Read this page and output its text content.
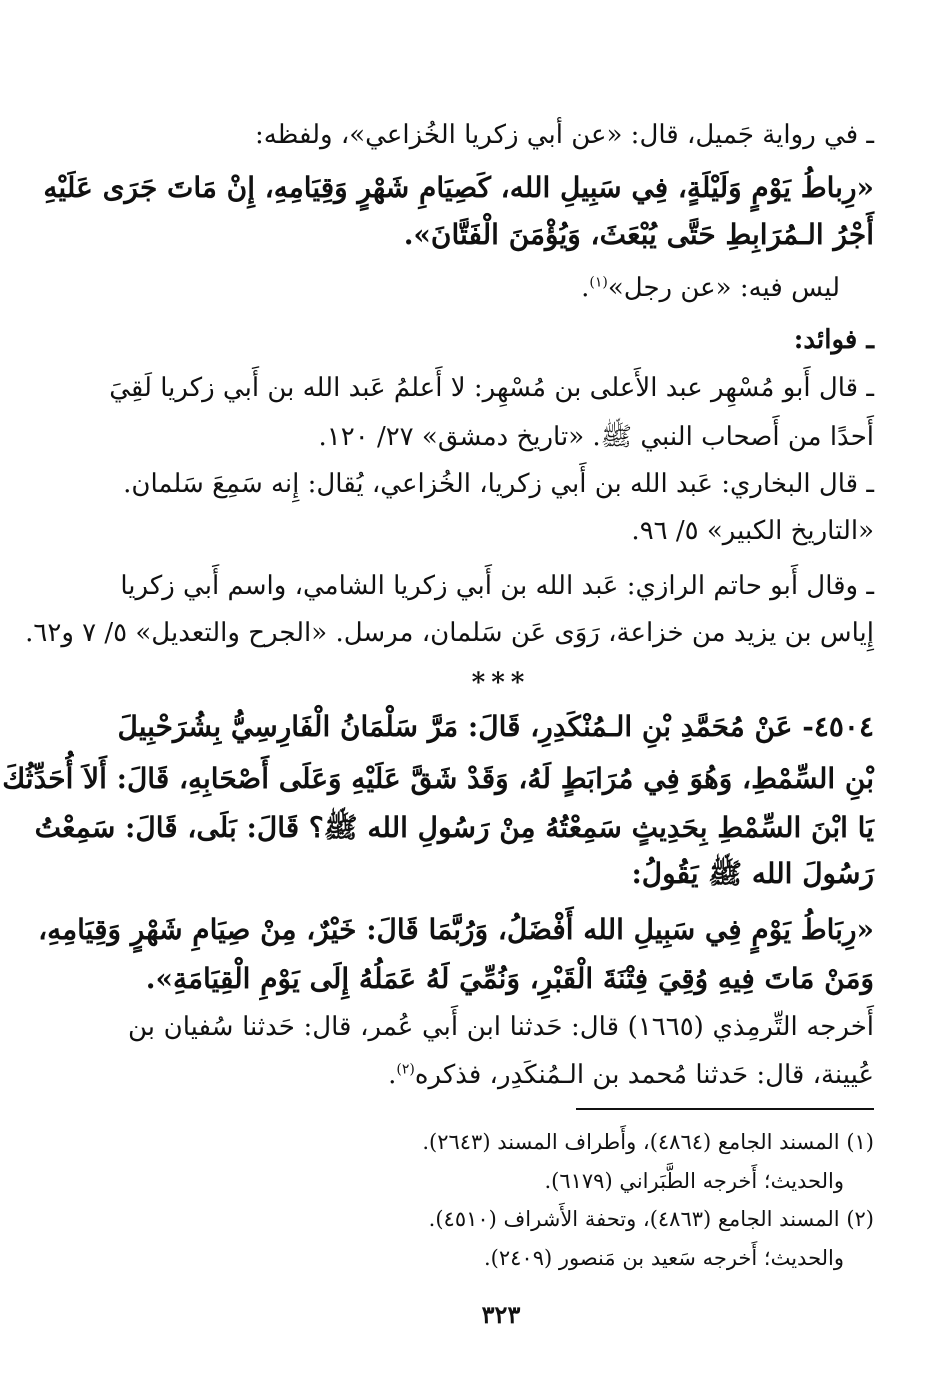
ـ في رواية جَميل، قال: «عن أبي زكريا الخُزاعي»، ولفظه:
«رِباطُ يَوْمٍ وَلَيْلَةٍ، فِي سَبِيلِ الله، كَصِيَامِ شَهْرٍ وَقِيَامِهِ، إِنْ مَاتَ جَرَى عَلَيْهِ
أَجْرُ الـمُرَابِطِ حَتَّى يُبْعَثَ، وَيُؤْمَنَ الْفَتَّانَ».
ليس فيه: «عن رجل»$^{(١)}$.
ـ فوائد:
ـ قال أَبو مُسْهِر عبد الأَعلى بن مُسْهِر: لا أَعلمُ عَبد الله بن أَبي زكريا لَقِيَ
أَحدًا من أَصحاب النبي ﷺ. «تاريخ دمشق» ٢٧/ ١٢٠.
ـ قال البخاري: عَبد الله بن أَبي زكريا، الخُزاعي، يُقال: إِنه سَمِعَ سَلمان.
«التاريخ الكبير» ٥/ ٩٦.
ـ وقال أَبو حاتم الرازي: عَبد الله بن أَبي زكريا الشامي، واسم أَبي زكريا
إِياس بن يزيد من خزاعة، رَوَى عَن سَلمان، مرسل. «الجرح والتعديل» ٥/ ٧ و٦٢.
***
٤٥٠٤- عَنْ مُحَمَّدِ بْنِ الـمُنْكَدِرِ، قَالَ: مَرَّ سَلْمَانُ الْفَارِسِيُّ بِشُرَحْبِيلَ
بْنِ السِّمْطِ، وَهُوَ فِي مُرَابَطٍ لَهُ، وَقَدْ شَقَّ عَلَيْهِ وَعَلَى أَصْحَابِهِ، قَالَ: أَلاَ أُحَدِّثُكَ
يَا ابْنَ السِّمْطِ بِحَدِيثٍ سَمِعْتُهُ مِنْ رَسُولِ الله ﷺ؟ قَالَ: بَلَى، قَالَ: سَمِعْتُ
رَسُولَ الله ﷺ يَقُولُ:
«رِبَاطُ يَوْمٍ فِي سَبِيلِ الله أَفْضَلُ، وَرُبَّمَا قَالَ: خَيْرٌ، مِنْ صِيَامِ شَهْرٍ وَقِيَامِهِ،
وَمَنْ مَاتَ فِيهِ وُقِيَ فِتْنَةَ الْقَبْرِ، وَنُمِّيَ لَهُ عَمَلُهُ إِلَى يَوْمِ الْقِيَامَةِ».
أَخرجه التِّرمِذي (١٦٦٥) قال: حَدثنا ابن أَبي عُمر، قال: حَدثنا سُفيان بن
عُيينة، قال: حَدثنا مُحمد بن الـمُنكَدِر، فذكره$^{(٢)}$.
(١) المسند الجامع (٤٨٦٤)، وأَطراف المسند (٢٦٤٣).
والحديث؛ أَخرجه الطَّبَراني (٦١٧٩).
(٢) المسند الجامع (٤٨٦٣)، وتحفة الأَشراف (٤٥١٠).
والحديث؛ أَخرجه سَعيد بن مَنصور (٢٤٠٩).
٣٢٣
